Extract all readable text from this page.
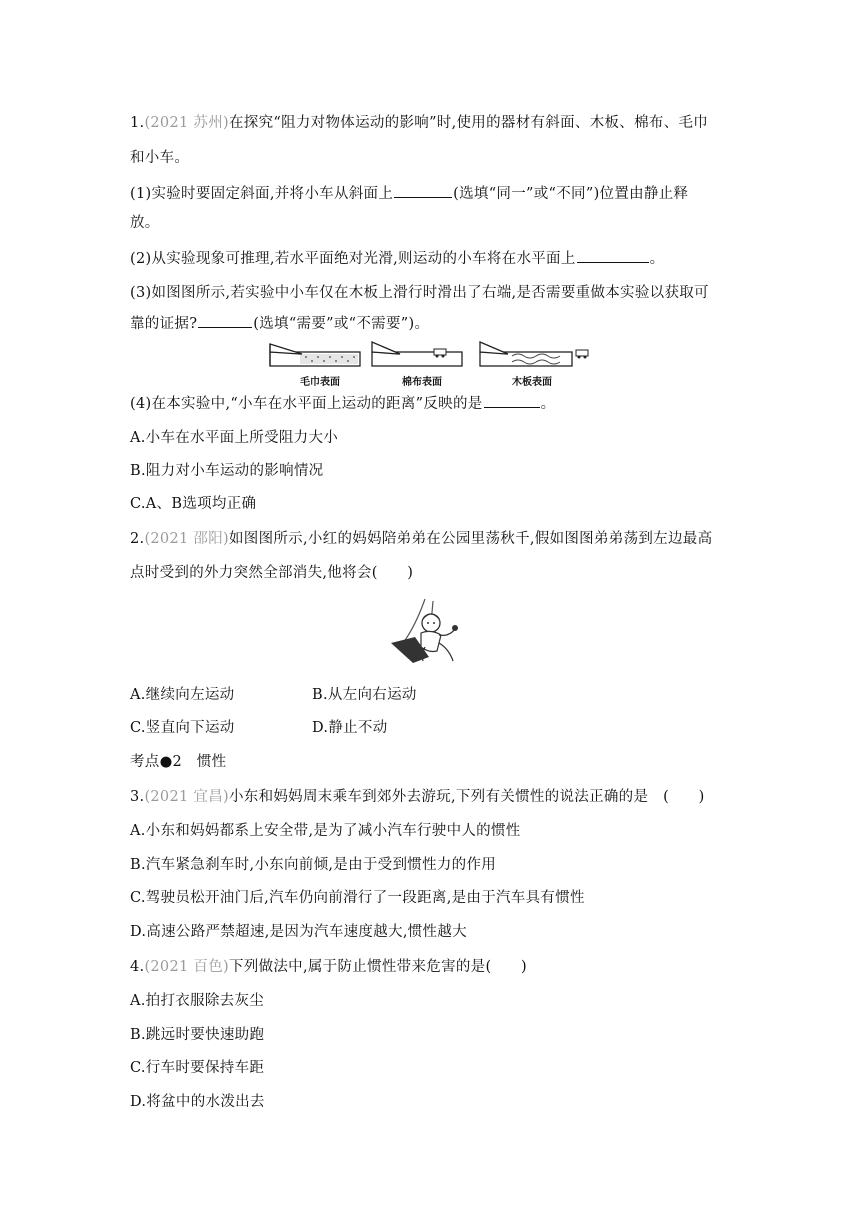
1.(2021 苏州)在探究“阻力对物体运动的影响”时,使用的器材有斜面、木板、棉布、毛巾
和小车。
(1)实验时要固定斜面,并将小车从斜面上	(选填“同一”或“不同”)位置由静止释
放。
(2)从实验现象可推理,若水平面绝对光滑,则运动的小车将在水平面上	。
(3)如图图所示,若实验中小车仅在木板上滑行时滑出了右端,是否需要重做本实验以获取可
靠的证据?	(选填“需要”或“不需要”)。
毛巾表面	棉布表面	木板表面
(4)在本实验中,“小车在水平面上运动的距离”反映的是	。
A.小车在水平面上所受阻力大小
B.阻力对小车运动的影响情况
C.A、B选项均正确
2.(2021 邵阳)如图图所示,小红的妈妈陪弟弟在公园里荡秋千,假如图图弟弟荡到左边最高
点时受到的外力突然全部消失,他将会(　　)
A.继续向左运动	B.从左向右运动
C.竖直向下运动	D.静止不动
考点●2　惯性
3.(2021 宜昌)小东和妈妈周末乘车到郊外去游玩,下列有关惯性的说法正确的是　(　　)
A.小东和妈妈都系上安全带,是为了减小汽车行驶中人的惯性
B.汽车紧急刹车时,小东向前倾,是由于受到惯性力的作用
C.驾驶员松开油门后,汽车仍向前滑行了一段距离,是由于汽车具有惯性
D.高速公路严禁超速,是因为汽车速度越大,惯性越大
4.(2021 百色)下列做法中,属于防止惯性带来危害的是(　　)
A.拍打衣服除去灰尘
B.跳远时要快速助跑
C.行车时要保持车距
D.将盆中的水泼出去
